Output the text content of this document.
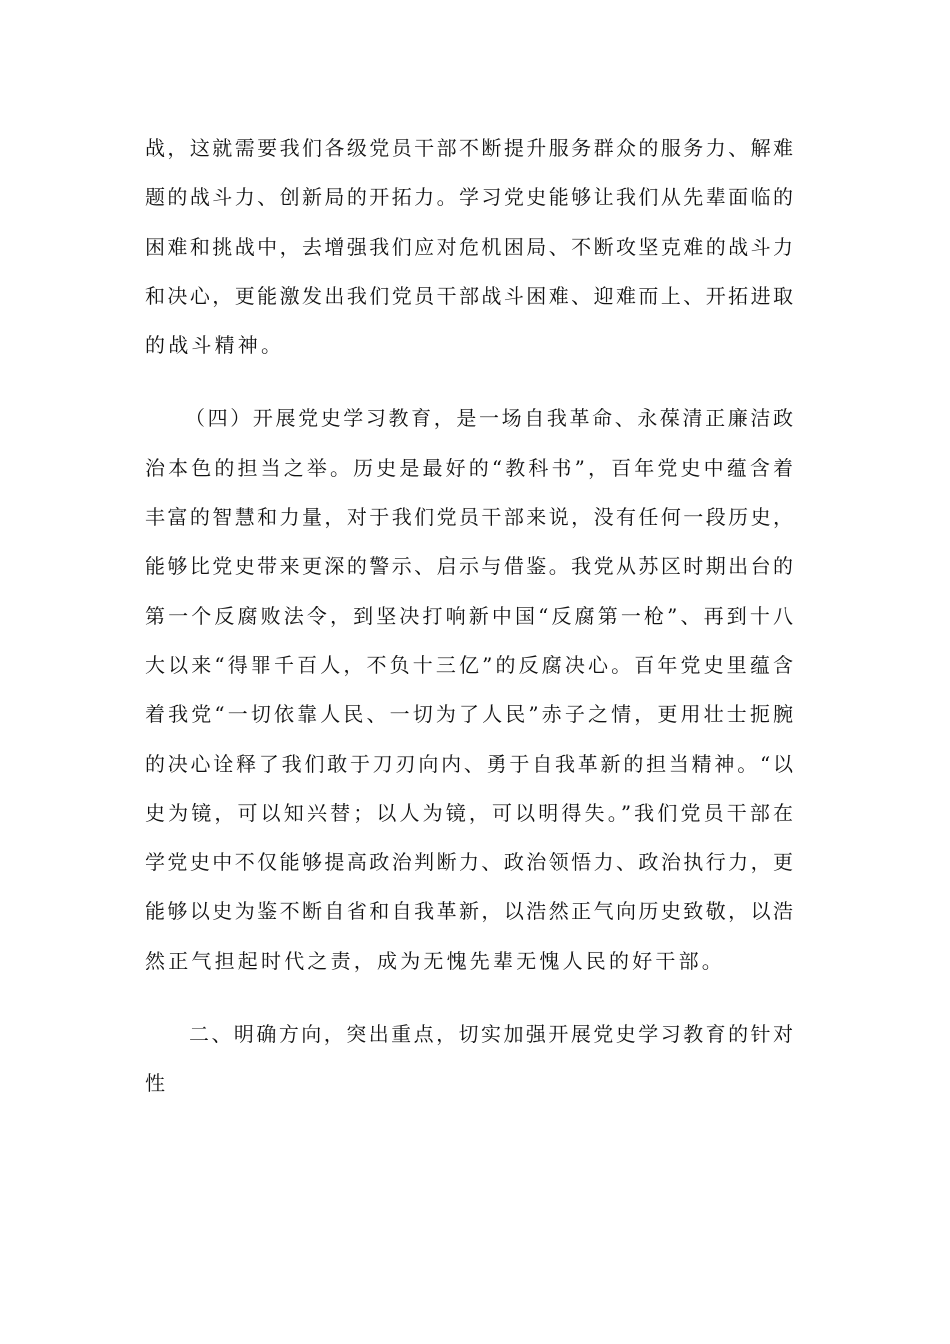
战，这就需要我们各级党员干部不断提升服务群众的服务力、解难
题的战斗力、创新局的开拓力。学习党史能够让我们从先辈面临的
困难和挑战中，去增强我们应对危机困局、不断攻坚克难的战斗力
和决心，更能激发出我们党员干部战斗困难、迎难而上、开拓进取
的战斗精神。
（四）开展党史学习教育，是一场自我革命、永葆清正廉洁政
治本色的担当之举。历史是最好的“教科书”，百年党史中蕴含着
丰富的智慧和力量，对于我们党员干部来说，没有任何一段历史，
能够比党史带来更深的警示、启示与借鉴。我党从苏区时期出台的
第一个反腐败法令，到坚决打响新中国“反腐第一枪”、再到十八
大以来“得罪千百人，不负十三亿”的反腐决心。百年党史里蕴含
着我党“一切依靠人民、一切为了人民”赤子之情，更用壮士扼腕
的决心诠释了我们敢于刀刃向内、勇于自我革新的担当精神。“以
史为镜，可以知兴替；以人为镜，可以明得失。”我们党员干部在
学党史中不仅能够提高政治判断力、政治领悟力、政治执行力，更
能够以史为鉴不断自省和自我革新，以浩然正气向历史致敬，以浩
然正气担起时代之责，成为无愧先辈无愧人民的好干部。
二、明确方向，突出重点，切实加强开展党史学习教育的针对
性
